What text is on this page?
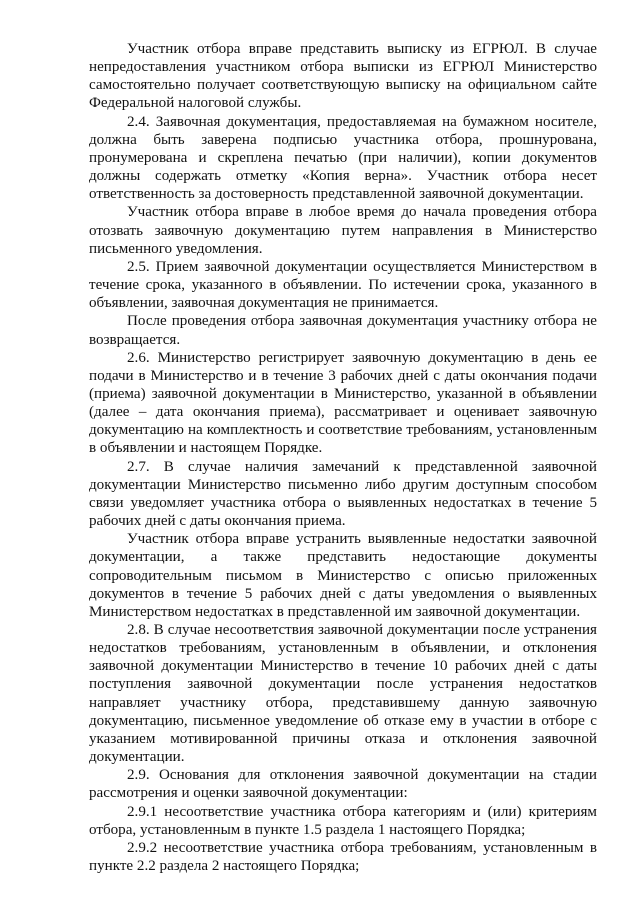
Участник отбора вправе представить выписку из ЕГРЮЛ. В случае непредоставления участником отбора выписки из ЕГРЮЛ Министерство самостоятельно получает соответствующую выписку на официальном сайте Федеральной налоговой службы.

2.4. Заявочная документация, предоставляемая на бумажном носителе, должна быть заверена подписью участника отбора, прошнурована, пронумерована и скреплена печатью (при наличии), копии документов должны содержать отметку «Копия верна». Участник отбора несет ответственность за достоверность представленной заявочной документации.

Участник отбора вправе в любое время до начала проведения отбора отозвать заявочную документацию путем направления в Министерство письменного уведомления.

2.5. Прием заявочной документации осуществляется Министерством в течение срока, указанного в объявлении. По истечении срока, указанного в объявлении, заявочная документация не принимается.

После проведения отбора заявочная документация участнику отбора не возвращается.

2.6. Министерство регистрирует заявочную документацию в день ее подачи в Министерство и в течение 3 рабочих дней с даты окончания подачи (приема) заявочной документации в Министерство, указанной в объявлении (далее – дата окончания приема), рассматривает и оценивает заявочную документацию на комплектность и соответствие требованиям, установленным в объявлении и настоящем Порядке.

2.7. В случае наличия замечаний к представленной заявочной документации Министерство письменно либо другим доступным способом связи уведомляет участника отбора о выявленных недостатках в течение 5 рабочих дней с даты окончания приема.

Участник отбора вправе устранить выявленные недостатки заявочной документации, а также представить недостающие документы сопроводительным письмом в Министерство с описью приложенных документов в течение 5 рабочих дней с даты уведомления о выявленных Министерством недостатках в представленной им заявочной документации.

2.8. В случае несоответствия заявочной документации после устранения недостатков требованиям, установленным в объявлении, и отклонения заявочной документации Министерство в течение 10 рабочих дней с даты поступления заявочной документации после устранения недостатков направляет участнику отбора, представившему данную заявочную документацию, письменное уведомление об отказе ему в участии в отборе с указанием мотивированной причины отказа и отклонения заявочной документации.

2.9. Основания для отклонения заявочной документации на стадии рассмотрения и оценки заявочной документации:

2.9.1 несоответствие участника отбора категориям и (или) критериям отбора, установленным в пункте 1.5 раздела 1 настоящего Порядка;

2.9.2 несоответствие участника отбора требованиям, установленным в пункте 2.2 раздела 2 настоящего Порядка;
